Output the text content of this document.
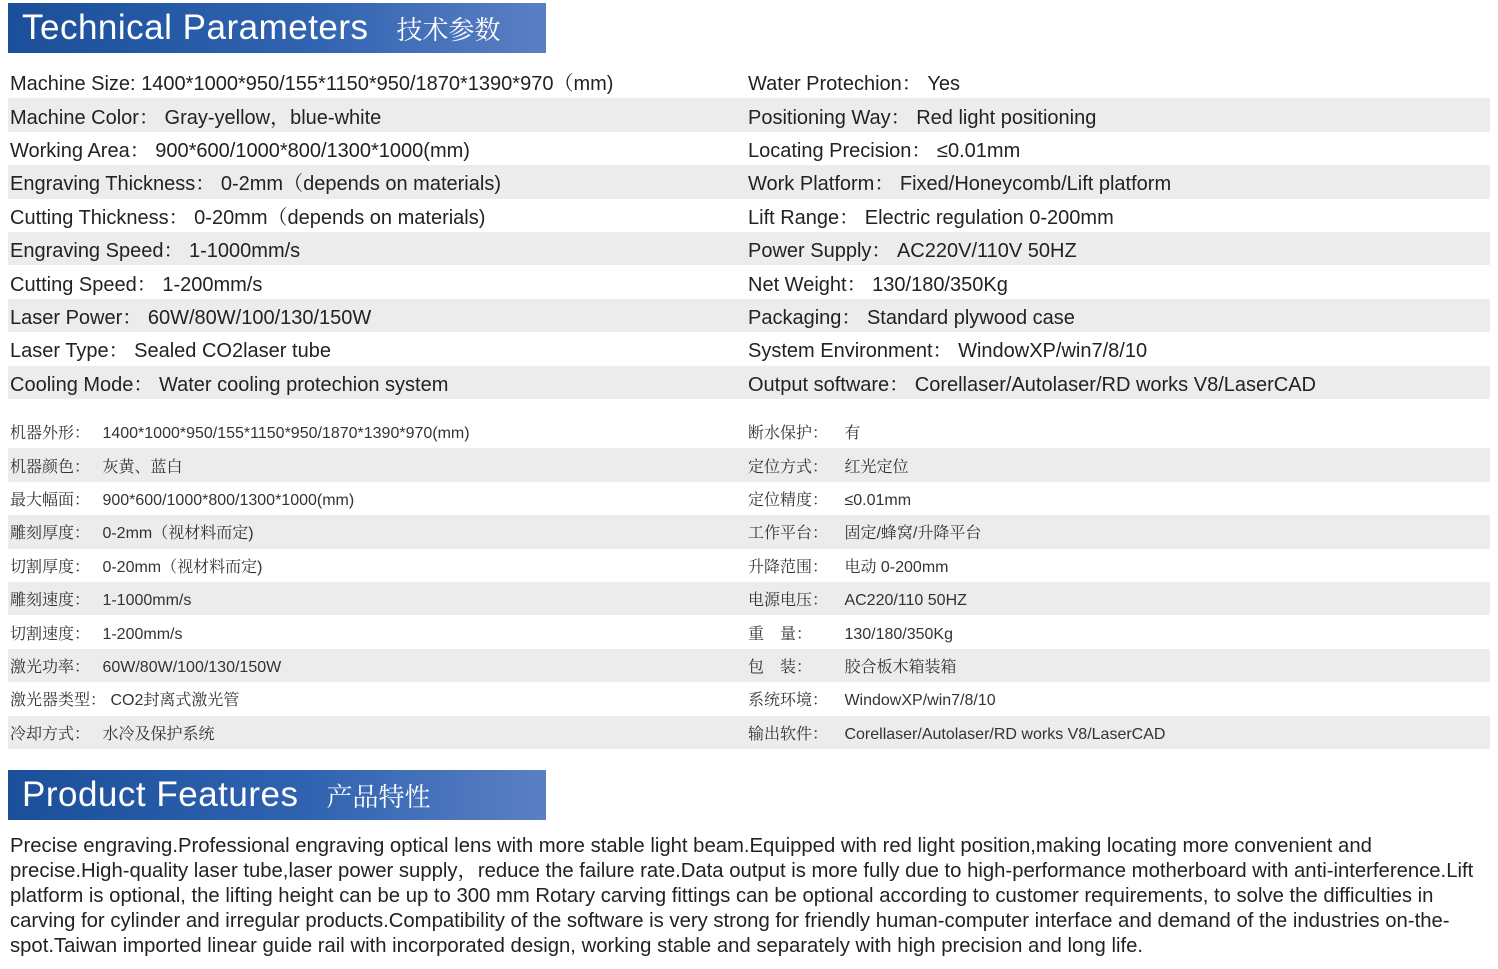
Technical Parameters 技术参数
Machine Size: 1400*1000*950/155*1150*950/1870*1390*970（mm)	Water Protechion： Yes
Machine Color： Gray-yellow，blue-white	Positioning Way： Red light positioning
Working Area： 900*600/1000*800/1300*1000(mm)	Locating Precision： ≤0.01mm
Engraving Thickness： 0-2mm（depends on materials)	Work Platform： Fixed/Honeycomb/Lift platform
Cutting Thickness： 0-20mm（depends on materials)	Lift Range： Electric regulation 0-200mm
Engraving Speed： 1-1000mm/s	Power Supply： AC220V/110V 50HZ
Cutting Speed： 1-200mm/s	Net Weight： 130/180/350Kg
Laser Power： 60W/80W/100/130/150W	Packaging： Standard plywood case
Laser Type： Sealed CO2laser tube	System Environment： WindowXP/win7/8/10
Cooling Mode： Water cooling protechion system	Output software： Corellaser/Autolaser/RD works V8/LaserCAD
机器外形： 1400*1000*950/155*1150*950/1870*1390*970(mm)	断水保护： 有
机器颜色： 灰黄、蓝白	定位方式： 红光定位
最大幅面： 900*600/1000*800/1300*1000(mm)	定位精度： ≤0.01mm
雕刻厚度： 0-2mm（视材料而定)	工作平台： 固定/蜂窝/升降平台
切割厚度： 0-20mm（视材料而定)	升降范围： 电动 0-200mm
雕刻速度： 1-1000mm/s	电源电压： AC220/110 50HZ
切割速度： 1-200mm/s	重　量： 130/180/350Kg
激光功率： 60W/80W/100/130/150W	包　装： 胶合板木箱装箱
激光器类型： CO2封离式激光管	系统环境： WindowXP/win7/8/10
冷却方式： 水冷及保护系统	输出软件： Corellaser/Autolaser/RD works V8/LaserCAD
Product Features 产品特性
Precise engraving.Professional engraving optical lens with more stable light beam.Equipped with red light position,making locating more convenient and precise.High-quality laser tube,laser power supply，reduce the failure rate.Data output is more fully due to high-performance motherboard with anti-interference.Lift platform is optional, the lifting height can be up to 300 mm Rotary carving fittings can be optional according to customer requirements, to solve the difficulties in carving for cylinder and irregular products.Compatibility of the software is very strong for friendly human-computer interface and demand of the industries on-the-spot.Taiwan imported linear guide rail with incorporated design, working stable and separately with high precision and long life.
